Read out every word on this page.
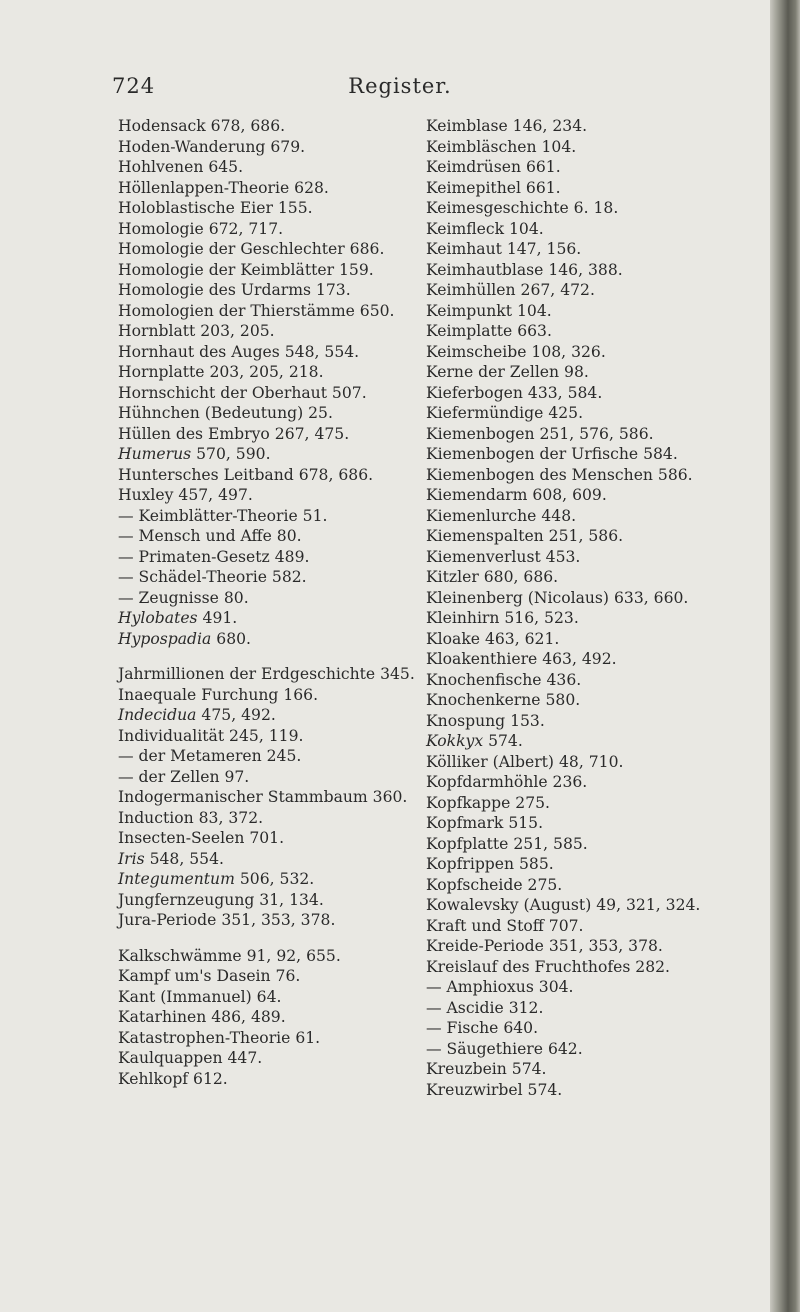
724	Register.
Hodensack 678, 686.
Hoden-Wanderung 679.
Hohlvenen 645.
Höllenlappen-Theorie 628.
Holoblastische Eier 155.
Homologie 672, 717.
Homologie der Geschlechter 686.
Homologie der Keimblätter 159.
Homologie des Urdarms 173.
Homologien der Thierstämme 650.
Hornblatt 203, 205.
Hornhaut des Auges 548, 554.
Hornplatte 203, 205, 218.
Hornschicht der Oberhaut 507.
Hühnchen (Bedeutung) 25.
Hüllen des Embryo 267, 475.
Humerus 570, 590.
Huntersches Leitband 678, 686.
Huxley 457, 497.
— Keimblätter-Theorie 51.
— Mensch und Affe 80.
— Primaten-Gesetz 489.
— Schädel-Theorie 582.
— Zeugnisse 80.
Hylobates 491.
Hypospadia 680.
Jahrmillionen der Erdgeschichte 345.
Inaequale Furchung 166.
Indecidua 475, 492.
Individualität 245, 119.
— der Metameren 245.
— der Zellen 97.
Indogermanischer Stammbaum 360.
Induction 83, 372.
Insecten-Seelen 701.
Iris 548, 554.
Integumentum 506, 532.
Jungfernzeugung 31, 134.
Jura-Periode 351, 353, 378.
Kalkschwämme 91, 92, 655.
Kampf um's Dasein 76.
Kant (Immanuel) 64.
Katarhinen 486, 489.
Katastrophen-Theorie 61.
Kaulquappen 447.
Kehlkopf 612.
Keimblase 146, 234.
Keimbläschen 104.
Keimdrüsen 661.
Keimepithel 661.
Keimesgeschichte 6. 18.
Keimfleck 104.
Keimhaut 147, 156.
Keimhautblase 146, 388.
Keimhüllen 267, 472.
Keimpunkt 104.
Keimplatte 663.
Keimscheibe 108, 326.
Kerne der Zellen 98.
Kieferbogen 433, 584.
Kiefermündige 425.
Kiemenbogen 251, 576, 586.
Kiemenbogen der Urfische 584.
Kiemenbogen des Menschen 586.
Kiemendarm 608, 609.
Kiemenlurche 448.
Kiemenspalten 251, 586.
Kiemenverlust 453.
Kitzler 680, 686.
Kleinenberg (Nicolaus) 633, 660.
Kleinhirn 516, 523.
Kloake 463, 621.
Kloakenthiere 463, 492.
Knochenfische 436.
Knochenkerne 580.
Knospung 153.
Kokkyx 574.
Kölliker (Albert) 48, 710.
Kopfdarmhöhle 236.
Kopfkappe 275.
Kopfmark 515.
Kopfplatte 251, 585.
Kopfrippen 585.
Kopfscheide 275.
Kowalevsky (August) 49, 321, 324.
Kraft und Stoff 707.
Kreide-Periode 351, 353, 378.
Kreislauf des Fruchthofes 282.
— Amphioxus 304.
— Ascidie 312.
— Fische 640.
— Säugethiere 642.
Kreuzbein 574.
Kreuzwirbel 574.
